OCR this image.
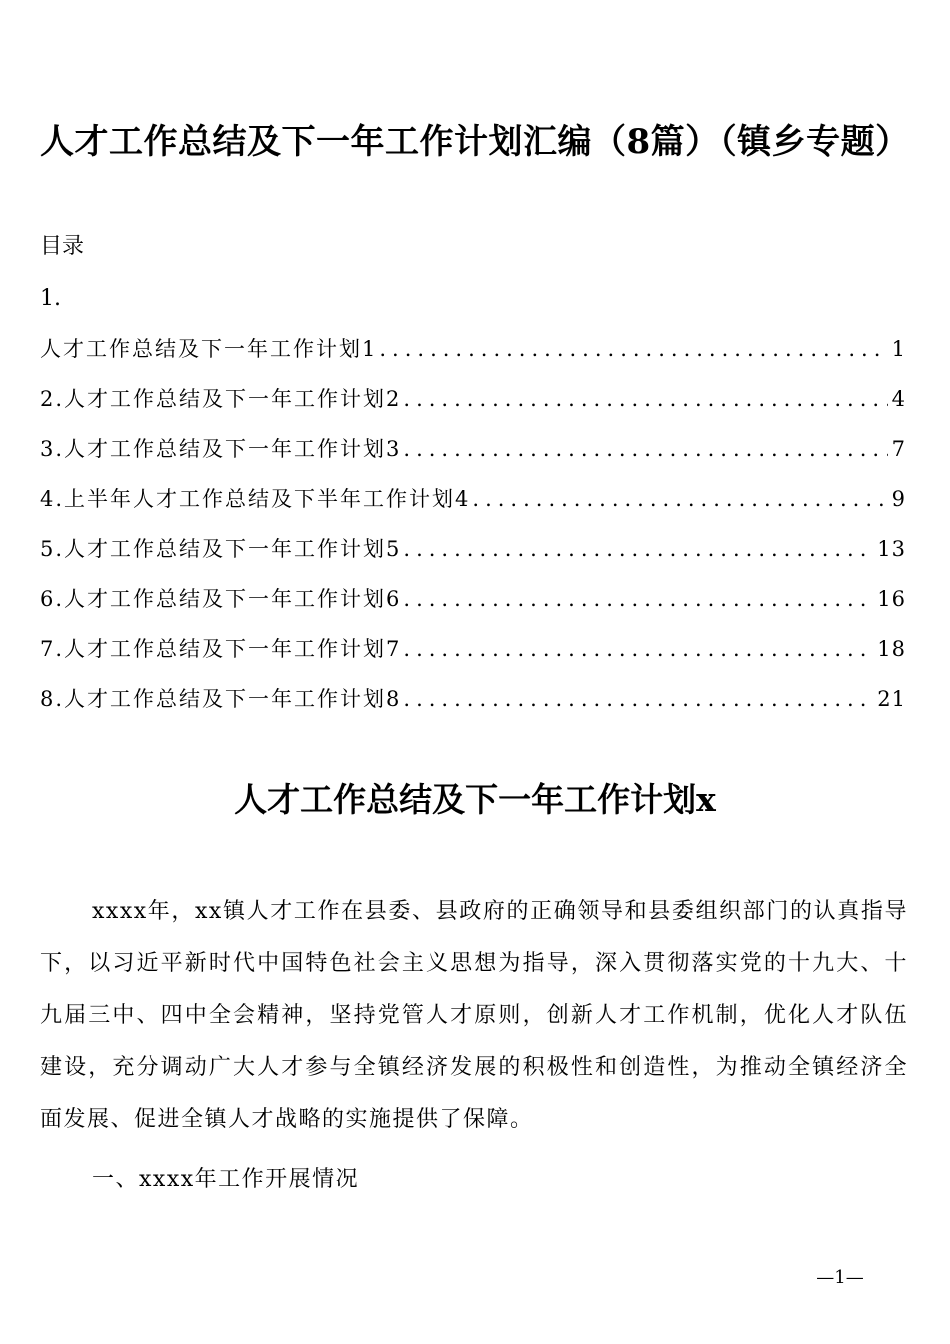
人才工作总结及下一年工作计划汇编（8篇）（镇乡专题）
目录
1.
人才工作总结及下一年工作计划1 .....	1
2.人才工作总结及下一年工作计划2 .....	4
3.人才工作总结及下一年工作计划3 .....	7
4.上半年人才工作总结及下半年工作计划4 .....	9
5.人才工作总结及下一年工作计划5 .....	13
6.人才工作总结及下一年工作计划6 .....	16
7.人才工作总结及下一年工作计划7 .....	18
8.人才工作总结及下一年工作计划8 .....	21
人才工作总结及下一年工作计划x
xxxx年，xx镇人才工作在县委、县政府的正确领导和县委组织部门的认真指导下，以习近平新时代中国特色社会主义思想为指导，深入贯彻落实党的十九大、十九届三中、四中全会精神，坚持党管人才原则，创新人才工作机制，优化人才队伍建设，充分调动广大人才参与全镇经济发展的积极性和创造性，为推动全镇经济全面发展、促进全镇人才战略的实施提供了保障。
一、xxxx年工作开展情况
—1—
